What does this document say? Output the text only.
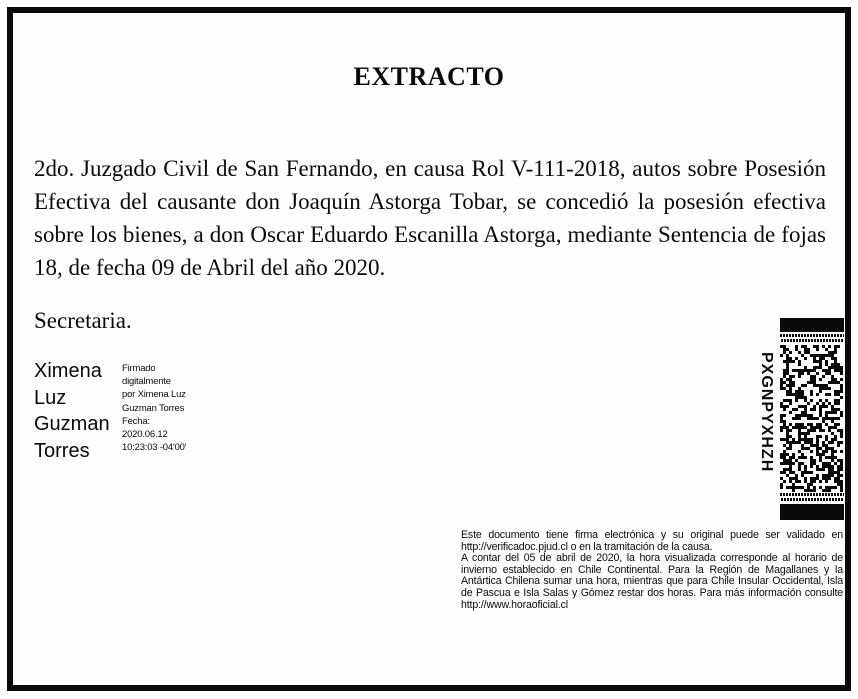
EXTRACTO
2do. Juzgado Civil de San Fernando, en causa Rol V-111-2018, autos sobre Posesión Efectiva del causante don Joaquín Astorga Tobar, se concedió la posesión efectiva sobre los bienes, a don Oscar Eduardo Escanilla Astorga, mediante Sentencia de fojas 18, de fecha 09 de Abril del año 2020.
Secretaria.
Ximena
Luz
Guzman
Torres
Firmado
digitalmente
por Ximena Luz
Guzman Torres
Fecha:
2020.06.12
10:23:03 -04'00'	PXGNPYXHZH

Este documento tiene firma electrónica y su original puede ser validado en http://verificadoc.pjud.cl o en la tramitación de la causa.

A contar del 05 de abril de 2020, la hora visualizada corresponde al horario de invierno establecido en Chile Continental. Para la Región de Magallanes y la Antártica Chilena sumar una hora, mientras que para Chile Insular Occidental, Isla de Pascua e Isla Salas y Gómez restar dos horas. Para más información consulte http://www.horaoficial.cl
